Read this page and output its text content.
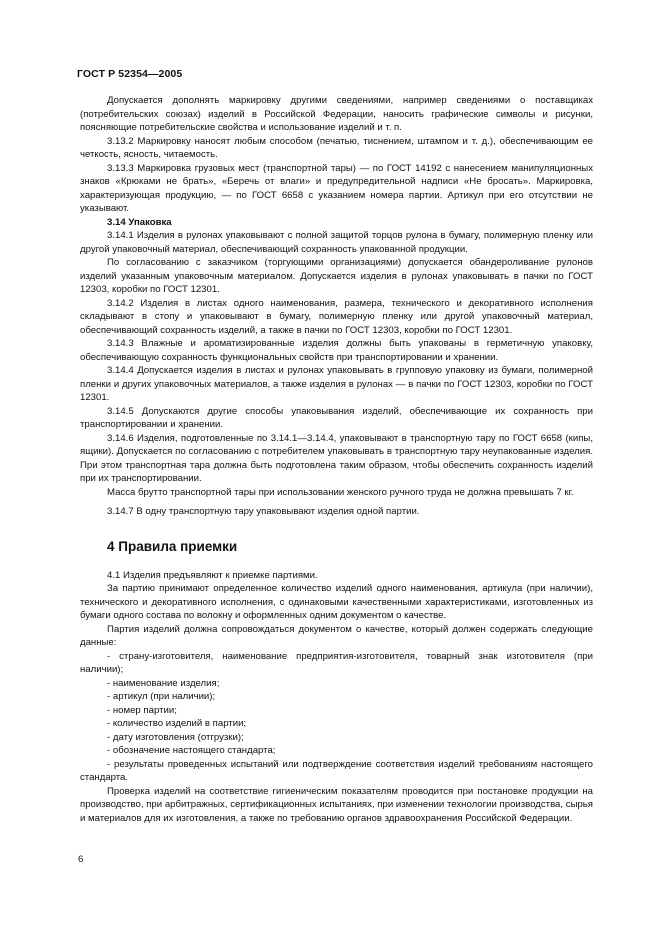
ГОСТ Р 52354—2005

Допускается дополнять маркировку другими сведениями, например сведениями о поставщиках (потребительских союзах) изделий в Российской Федерации, наносить графические символы и рисунки, поясняющие потребительские свойства и использование изделий и т. п.

3.13.2 Маркировку наносят любым способом (печатью, тиснением, штампом и т. д.), обеспечивающим ее четкость, ясность, читаемость.

3.13.3 Маркировка грузовых мест (транспортной тары) — по ГОСТ 14192 с нанесением манипуляционных знаков «Крюками не брать», «Беречь от влаги» и предупредительной надписи «Не бросать». Маркировка, характеризующая продукцию, — по ГОСТ 6658 с указанием номера партии. Артикул при его отсутствии не указывают.

3.14 Упаковка

3.14.1 Изделия в рулонах упаковывают с полной защитой торцов рулона в бумагу, полимерную пленку или другой упаковочный материал, обеспечивающий сохранность упакованной продукции.

По согласованию с заказчиком (торгующими организациями) допускается обандероливание рулонов изделий указанным упаковочным материалом. Допускается изделия в рулонах упаковывать в пачки по ГОСТ 12303, коробки по ГОСТ 12301.

3.14.2 Изделия в листах одного наименования, размера, технического и декоративного исполнения складывают в стопу и упаковывают в бумагу, полимерную пленку или другой упаковочный материал, обеспечивающий сохранность изделий, а также в пачки по ГОСТ 12303, коробки по ГОСТ 12301.

3.14.3 Влажные и ароматизированные изделия должны быть упакованы в герметичную упаковку, обеспечивающую сохранность функциональных свойств при транспортировании и хранении.

3.14.4 Допускается изделия в листах и рулонах упаковывать в групповую упаковку из бумаги, полимерной пленки и других упаковочных материалов, а также изделия в рулонах — в пачки по ГОСТ 12303, коробки по ГОСТ 12301.

3.14.5 Допускаются другие способы упаковывания изделий, обеспечивающие их сохранность при транспортировании и хранении.

3.14.6 Изделия, подготовленные по 3.14.1—3.14.4, упаковывают в транспортную тару по ГОСТ 6658 (кипы, ящики). Допускается по согласованию с потребителем упаковывать в транспортную тару неупакованные изделия. При этом транспортная тара должна быть подготовлена таким образом, чтобы обеспечить сохранность изделий при их транспортировании.

Масса брутто транспортной тары при использовании женского ручного труда не должна превышать 7 кг.

3.14.7 В одну транспортную тару упаковывают изделия одной партии.

4 Правила приемки

4.1 Изделия предъявляют к приемке партиями.

За партию принимают определенное количество изделий одного наименования, артикула (при наличии), технического и декоративного исполнения, с одинаковыми качественными характеристиками, изготовленных из бумаги одного состава по волокну и оформленных одним документом о качестве.

Партия изделий должна сопровождаться документом о качестве, который должен содержать следующие данные:

- страну-изготовителя, наименование предприятия-изготовителя, товарный знак изготовителя (при наличии);

- наименование изделия;

- артикул (при наличии);

- номер партии;

- количество изделий в партии;

- дату изготовления (отгрузки);

- обозначение настоящего стандарта;

- результаты проведенных испытаний или подтверждение соответствия изделий требованиям настоящего стандарта.

Проверка изделий на соответствие гигиеническим показателям проводится при постановке продукции на производство, при арбитражных, сертификационных испытаниях, при изменении технологии производства, сырья и материалов для их изготовления, а также по требованию органов здравоохранения Российской Федерации.

6
